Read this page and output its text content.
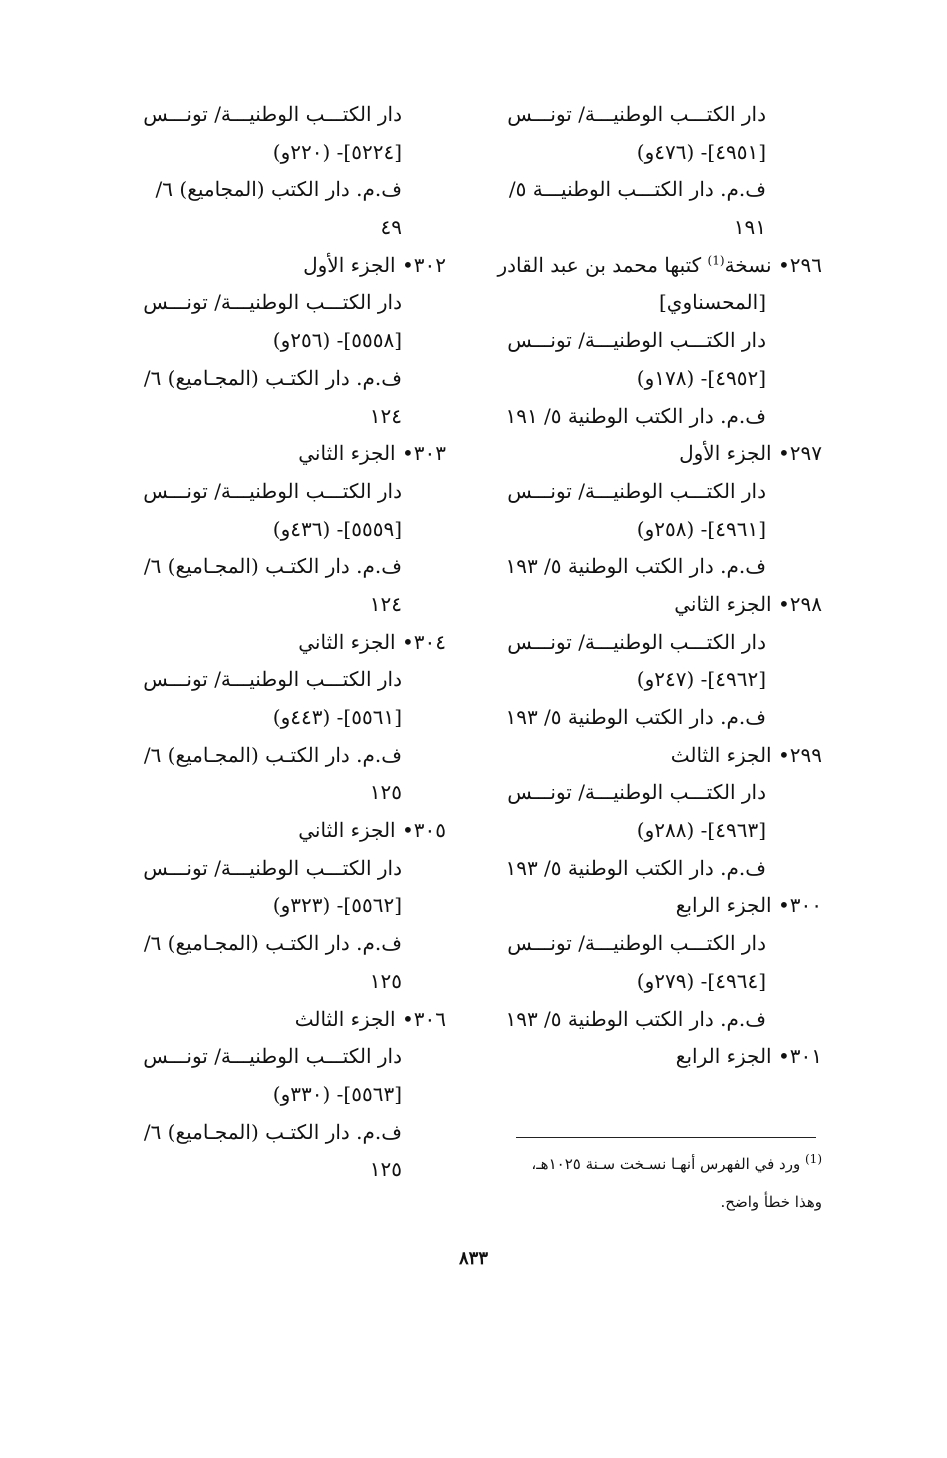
دار الكتـــب الوطنيـــة/ تونـــس
[٤٩٥١]- (٤٧٦و)
ف.م. دار الكتـــب الوطنيـــة ٥/
١٩١
٢٩٦• نسخة$^{(1)}$ كتبها محمد بن عبد القادر
[المحسناوي]
دار الكتـــب الوطنيـــة/ تونـــس
[٤٩٥٢]- (١٧٨و)
ف.م. دار الكتب الوطنية ٥/ ١٩١
٢٩٧• الجزء الأول
دار الكتـــب الوطنيـــة/ تونـــس
[٤٩٦١]- (٢٥٨و)
ف.م. دار الكتب الوطنية ٥/ ١٩٣
٢٩٨• الجزء الثاني
دار الكتـــب الوطنيـــة/ تونـــس
[٤٩٦٢]- (٢٤٧و)
ف.م. دار الكتب الوطنية ٥/ ١٩٣
٢٩٩• الجزء الثالث
دار الكتـــب الوطنيـــة/ تونـــس
[٤٩٦٣]- (٢٨٨و)
ف.م. دار الكتب الوطنية ٥/ ١٩٣
٣٠٠• الجزء الرابع
دار الكتـــب الوطنيـــة/ تونـــس
[٤٩٦٤]- (٢٧٩و)
ف.م. دار الكتب الوطنية ٥/ ١٩٣
٣٠١• الجزء الرابع
دار الكتـــب الوطنيـــة/ تونـــس
[٥٢٢٤]- (٢٢٠و)
ف.م. دار الكتب (المجاميع) ٦/
٤٩
٣٠٢• الجزء الأول
دار الكتـــب الوطنيـــة/ تونـــس
[٥٥٥٨]- (٢٥٦و)
ف.م. دار الكتـب (المجـاميع) ٦/
١٢٤
٣٠٣• الجزء الثاني
دار الكتـــب الوطنيـــة/ تونـــس
[٥٥٥٩]- (٤٣٦و)
ف.م. دار الكتـب (المجـاميع) ٦/
١٢٤
٣٠٤• الجزء الثاني
دار الكتـــب الوطنيـــة/ تونـــس
[٥٥٦١]- (٤٤٣و)
ف.م. دار الكتـب (المجـاميع) ٦/
١٢٥
٣٠٥• الجزء الثاني
دار الكتـــب الوطنيـــة/ تونـــس
[٥٥٦٢]- (٣٢٣و)
ف.م. دار الكتـب (المجـاميع) ٦/
١٢٥
٣٠٦• الجزء الثالث
دار الكتـــب الوطنيـــة/ تونـــس
[٥٥٦٣]- (٣٣٠و)
ف.م. دار الكتـب (المجـاميع) ٦/
١٢٥	$^{(1)}$ ورد في الفهرس أنهـا نسـخت سـنة ١٠٢٥هـ،
وهذا خطأ واضح.
٨٣٣
